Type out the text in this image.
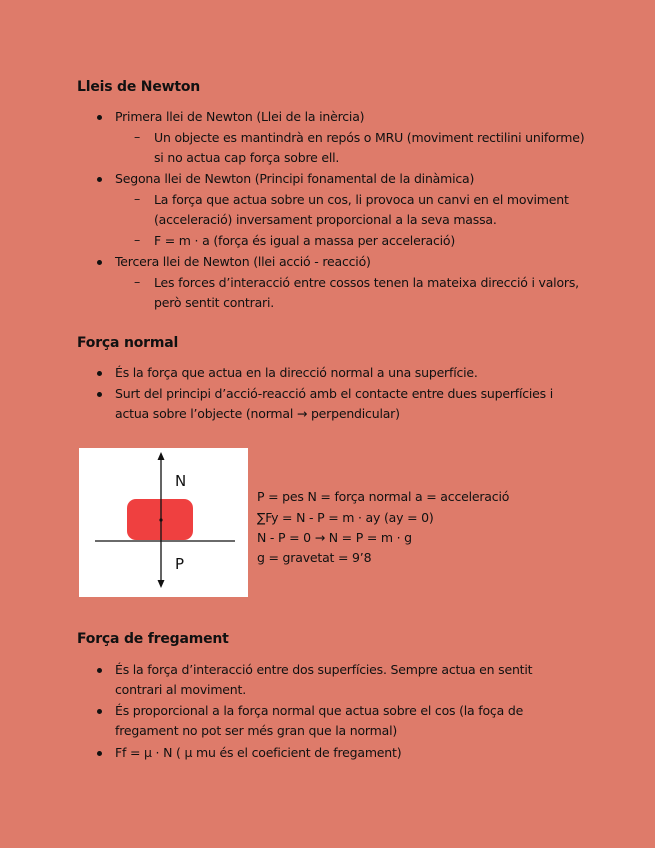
Lleis de Newton

Primera llei de Newton (Llei de la inèrcia)

– Un objecte es mantindrà en repós o MRU (moviment rectilini uniforme)

si no actua cap força sobre ell.

Segona llei de Newton (Principi fonamental de la dinàmica)

– La força que actua sobre un cos, li provoca un canvi en el moviment

(acceleració) inversament proporcional a la seva massa.

– F = m · a (força és igual a massa per acceleració)

Tercera llei de Newton (llei acció - reacció)

– Les forces d’interacció entre cossos tenen la mateixa direcció i valors,

però sentit contrari.

Força normal

És la força que actua en la direcció normal a una superfície.

Surt del principi d’acció-reacció amb el contacte entre dues superfícies i

actua sobre l’objecte (normal → perpendicular)

N
P

P = pes N = força normal a = acceleració

∑Fy = N - P = m · ay (ay = 0)

N - P = 0 → N = P = m · g

g = gravetat = 9’8

Força de fregament

És la força d’interacció entre dos superfícies. Sempre actua en sentit

contrari al moviment.

És proporcional a la força normal que actua sobre el cos (la foça de

fregament no pot ser més gran que la normal)

Ff = μ · N ( μ mu és el coeficient de fregament)
